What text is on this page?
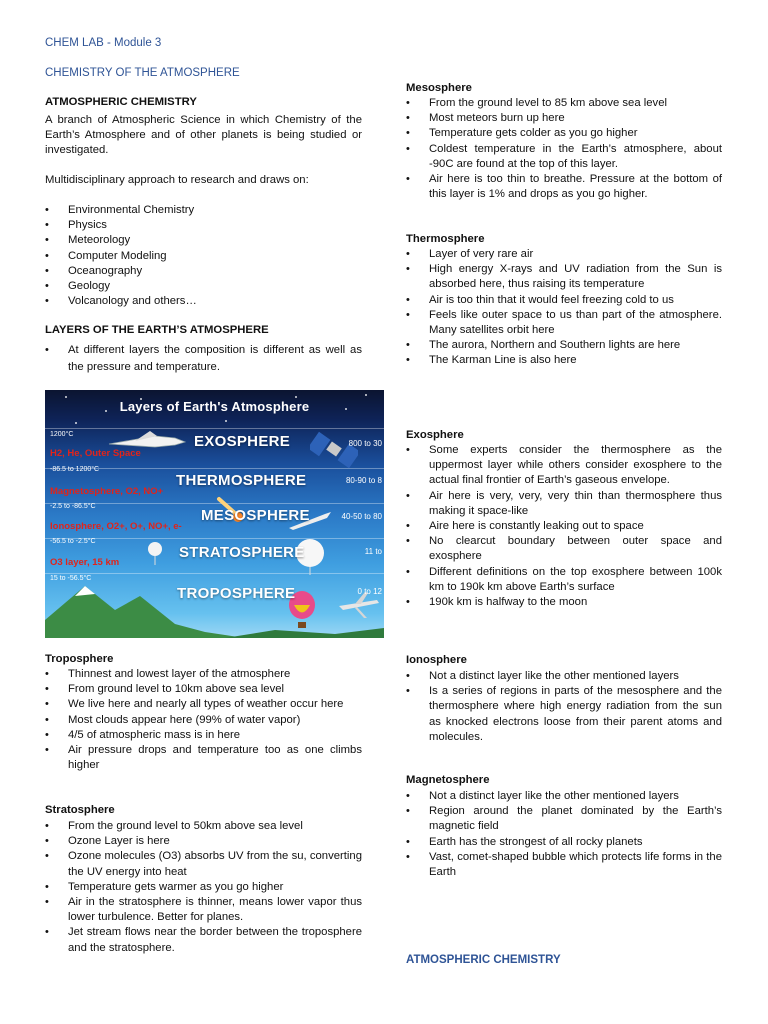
CHEM LAB - Module 3
CHEMISTRY OF THE ATMOSPHERE
ATMOSPHERIC CHEMISTRY
A branch of Atmospheric Science in which Chemistry of the Earth’s Atmosphere and of other planets is being studied or investigated.
Multidisciplinary approach to research and draws on:
• Environmental Chemistry
• Physics
• Meteorology
• Computer Modeling
• Oceanography
• Geology
• Volcanology and others…
LAYERS OF THE EARTH’S ATMOSPHERE
• At different layers the composition is different as well as the pressure and temperature.
Layers of Earth's Atmosphere
1200°C
-86.5 to 1200°C
-2.5 to -86.5°C
-56.5 to -2.5°C
15 to -56.5°C
H2, He, Outer Space
Magnetosphere, O2, NO+
Ionosphere, O2+, O+, NO+, e-
O3 layer, 15 km
EXOSPHERE
THERMOSPHERE
MESOSPHERE
STRATOSPHERE
TROPOSPHERE
800 to 30
80-90 to 8
40-50 to 80
11 to
0 to 12
Troposphere
• Thinnest and lowest layer of the atmosphere
• From ground level to 10km above sea level
• We live here and nearly all types of weather occur here
• Most clouds appear here (99% of water vapor)
• 4/5 of atmospheric mass is in here
• Air pressure drops and temperature too as one climbs higher
Stratosphere
• From the ground level to 50km above sea level
• Ozone Layer is here
• Ozone molecules (O3) absorbs UV from the su, converting the UV energy into heat
• Temperature gets warmer as you go higher
• Air in the stratosphere is thinner, means lower vapor thus lower turbulence. Better for planes.
• Jet stream flows near the border between the troposphere and the stratosphere.
Mesosphere
• From the ground level to 85 km above sea level
• Most meteors burn up here
• Temperature gets colder as you go higher
• Coldest temperature in the Earth’s atmosphere, about -90C are found at the top of this layer.
• Air here is too thin to breathe. Pressure at the bottom of this layer is 1% and drops as you go higher.
Thermosphere
• Layer of very rare air
• High energy X-rays and UV radiation from the Sun is absorbed here, thus raising its temperature
• Air is too thin that it would feel freezing cold to us
• Feels like outer space to us than part of the atmosphere. Many satellites orbit here
• The aurora, Northern and Southern lights are here
• The Karman Line is also here
Exosphere
• Some experts consider the thermosphere as the uppermost layer while others consider exosphere to the actual final frontier of Earth’s gaseous envelope.
• Air here is very, very, very thin than thermosphere thus making it space-like
• Aire here is constantly leaking out to space
• No clearcut boundary between outer space and exosphere
• Different definitions on the top exosphere between 100k km to 190k km above Earth’s surface
• 190k km is halfway to the moon
Ionosphere
• Not a distinct layer like the other mentioned layers
• Is a series of regions in parts of the mesosphere and the thermosphere where high energy radiation from the sun as knocked electrons loose from their parent atoms and molecules.
Magnetosphere
• Not a distinct layer like the other mentioned layers
• Region around the planet dominated by the Earth’s magnetic field
• Earth has the strongest of all rocky planets
• Vast, comet-shaped bubble which protects life forms in the Earth
ATMOSPHERIC CHEMISTRY
